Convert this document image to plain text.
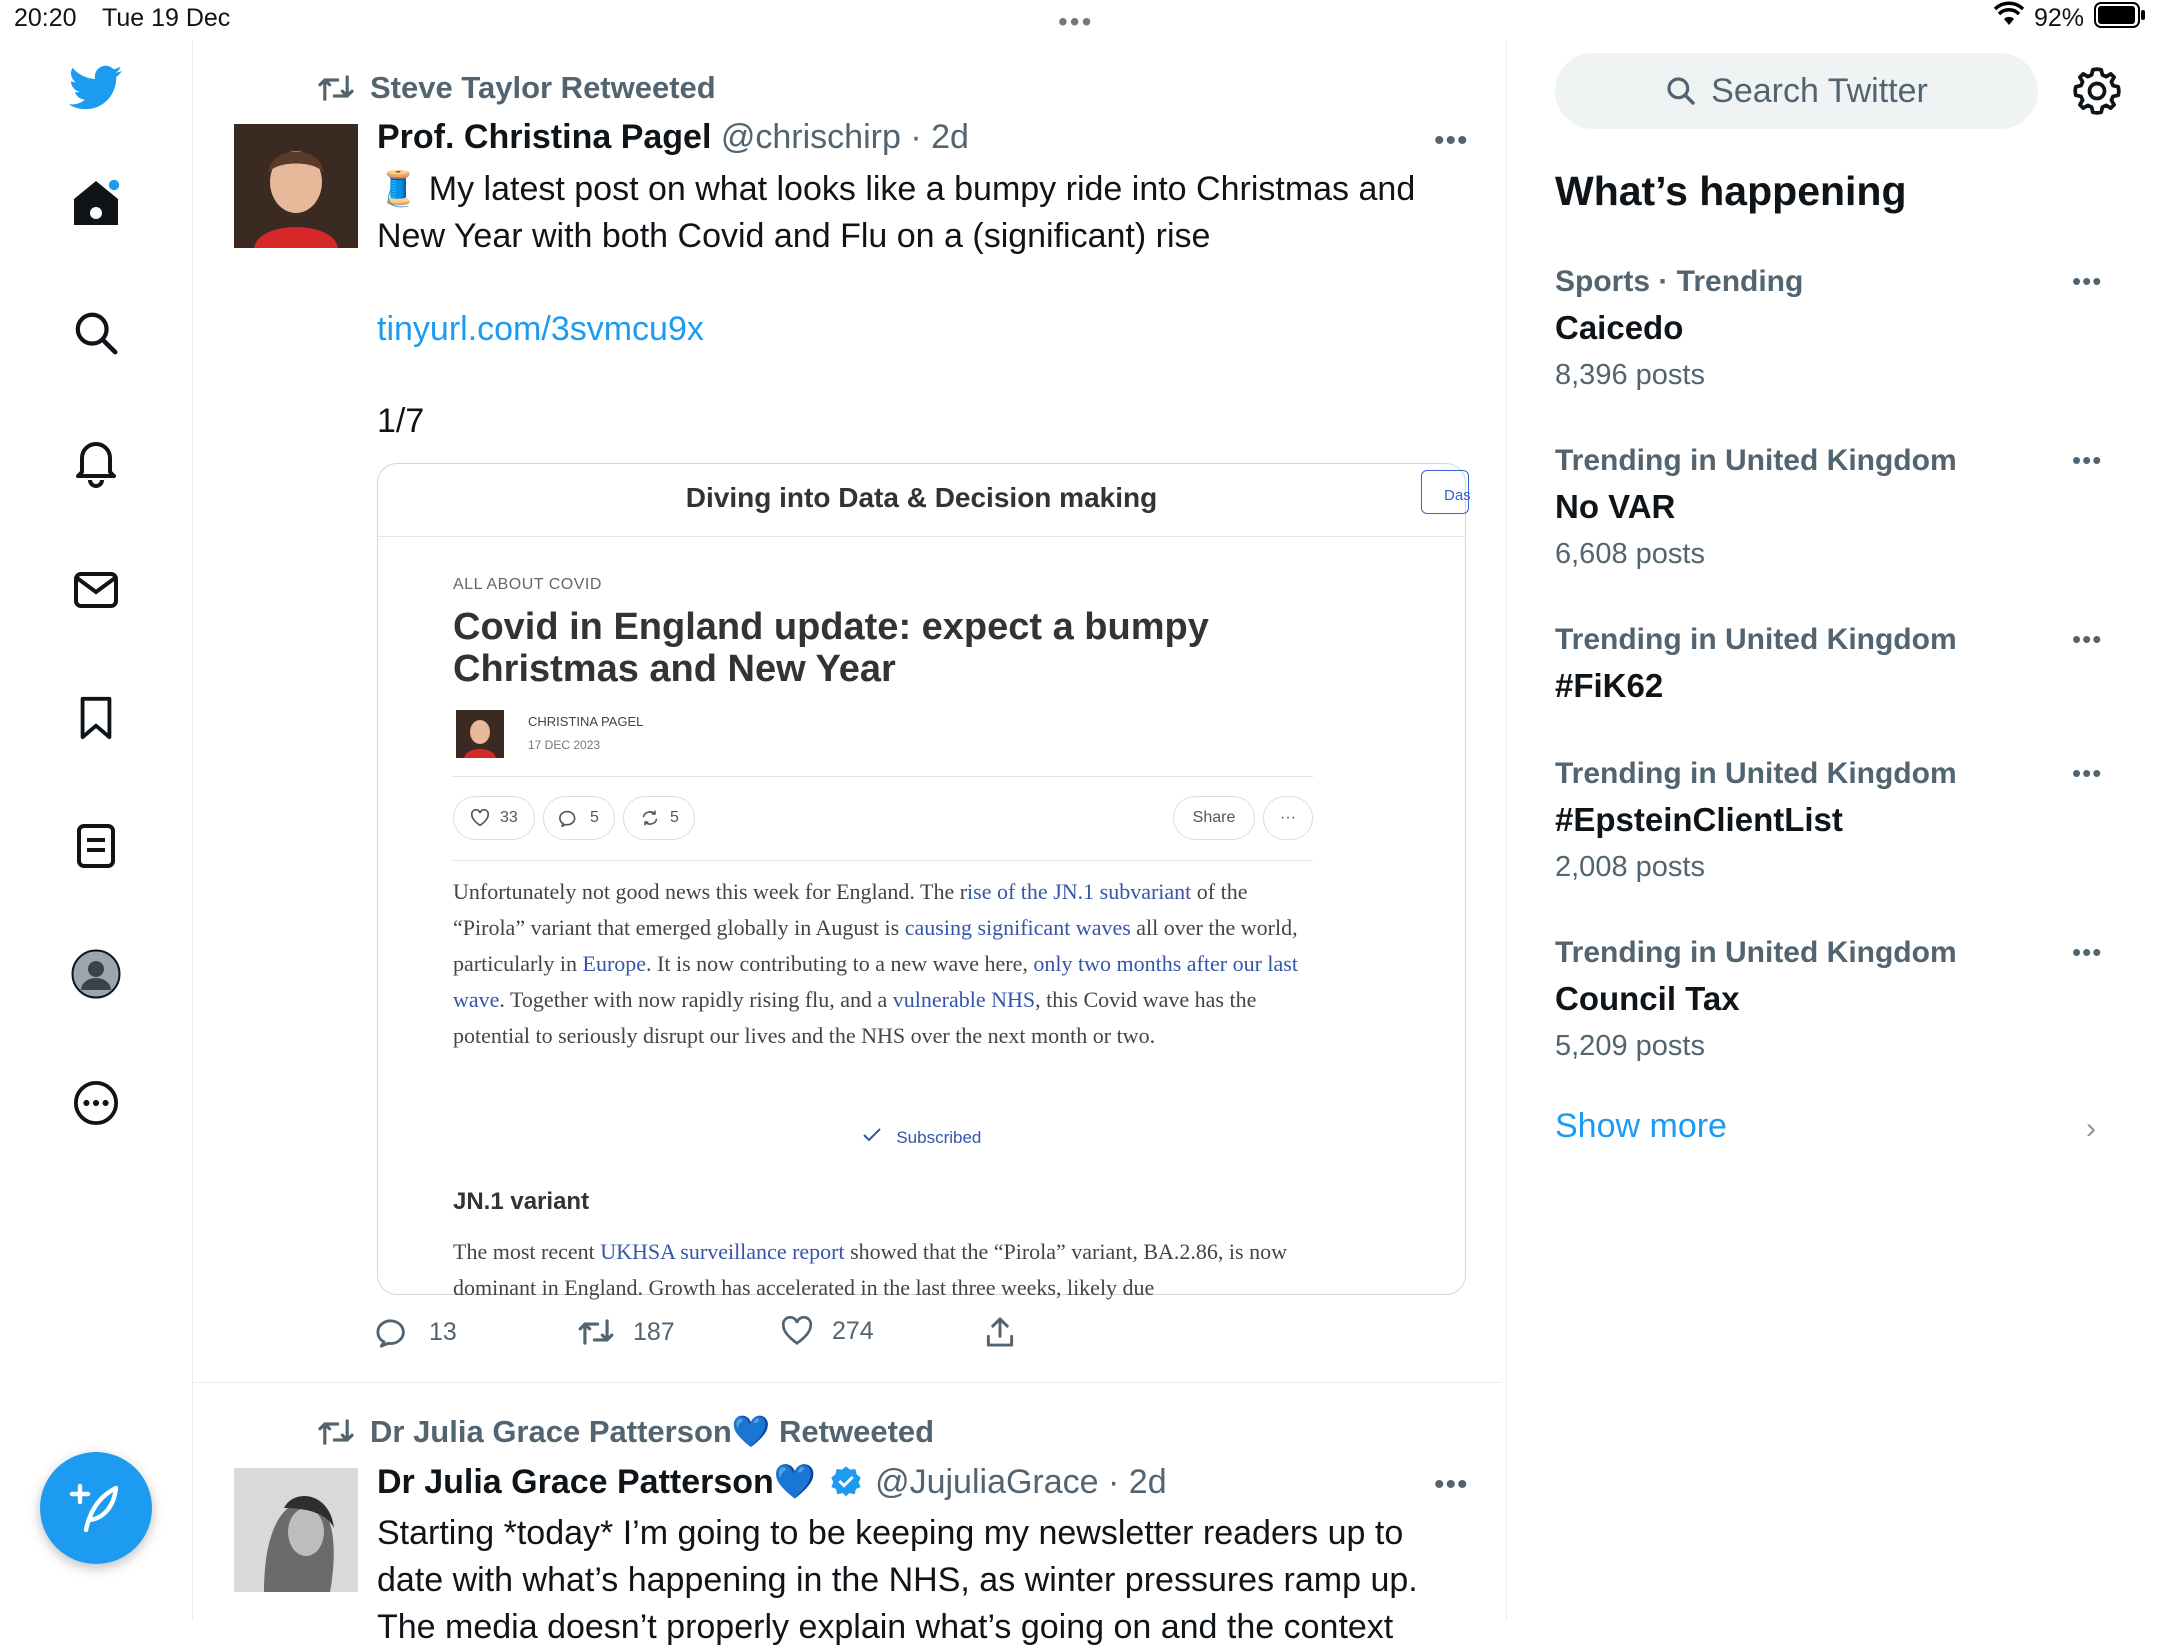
20:20 Tue 19 Dec	•••	92%
Steve Taylor Retweeted
Prof. Christina Pagel @chrischirp · 2d	•••
🧵 My latest post on what looks like a bumpy ride into Christmas and
New Year with both Covid and Flu on a (significant) rise
tinyurl.com/3svmcu9x
1/7
Diving into Data & Decision making	Das
ALL ABOUT COVID
Covid in England update: expect a bumpy Christmas and New Year
CHRISTINA PAGEL
17 DEC 2023
33	5	5	Share	···
Unfortunately not good news this week for England. The rise of the JN.1 subvariant of the “Pirola” variant that emerged globally in August is causing significant waves all over the world, particularly in Europe. It is now contributing to a new wave here, only two months after our last wave. Together with now rapidly rising flu, and a vulnerable NHS, this Covid wave has the potential to seriously disrupt our lives and the NHS over the next month or two.
Subscribed
JN.1 variant
The most recent UKHSA surveillance report showed that the “Pirola” variant, BA.2.86, is now dominant in England. Growth has accelerated in the last three weeks, likely due
13	187	274
Dr Julia Grace Patterson💙 Retweeted
Dr Julia Grace Patterson💙 @JujuliaGrace · 2d	•••
Starting *today* I’m going to be keeping my newsletter readers up to
date with what’s happening in the NHS, as winter pressures ramp up.
The media doesn’t properly explain what’s going on and the context
Search Twitter
What’s happening
Sports · Trending
Caicedo
8,396 posts
•••
Trending in United Kingdom
No VAR
6,608 posts
•••
Trending in United Kingdom
#FiK62
•••
Trending in United Kingdom
#EpsteinClientList
2,008 posts
•••
Trending in United Kingdom
Council Tax
5,209 posts
•••
Show more	›
